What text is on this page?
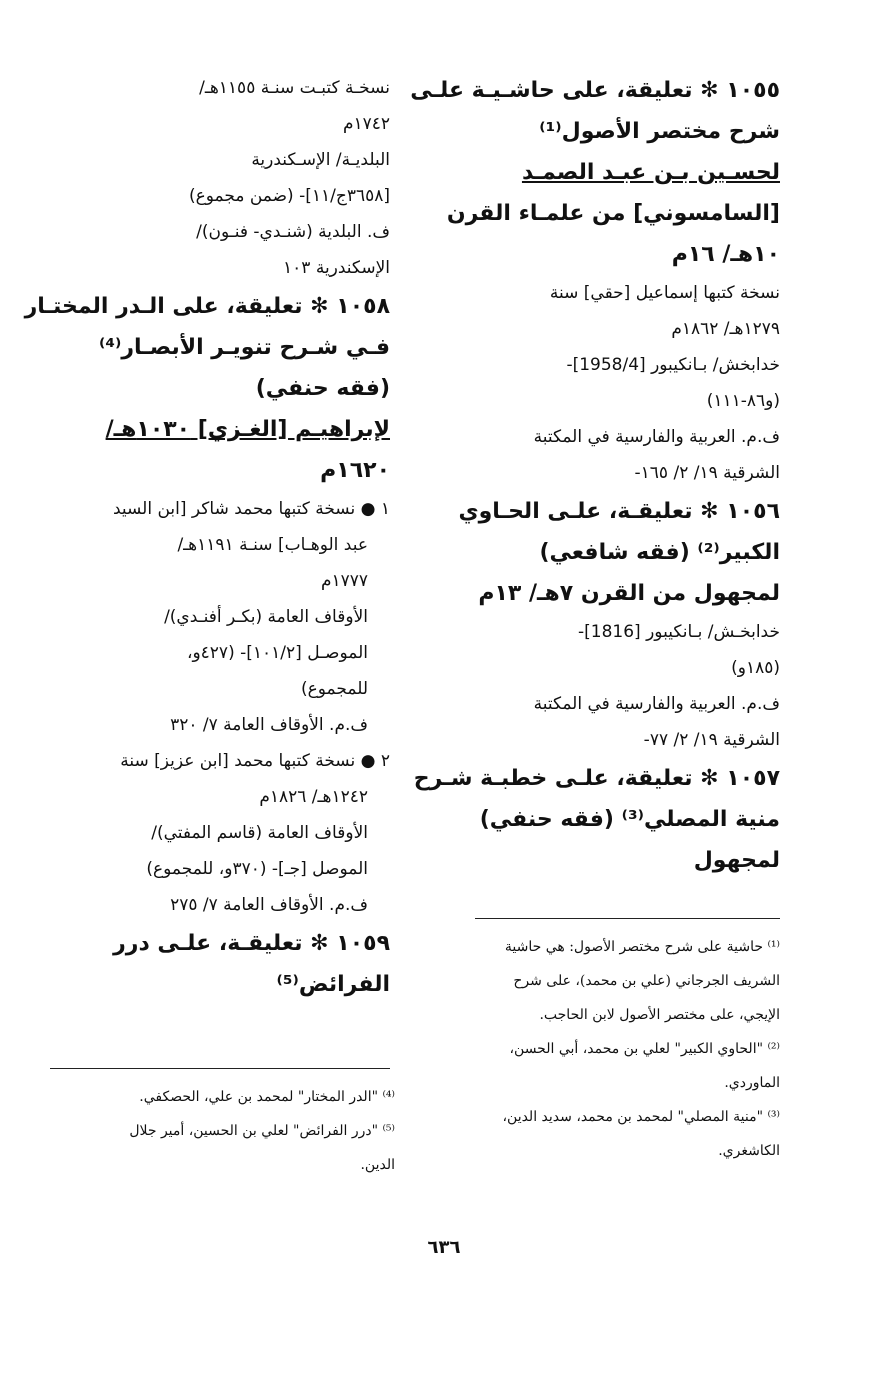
١٠٥٥ ✻ تعليقة، على حاشـيـة علـى
شرح مختصر الأصول⁽¹⁾
لحسـين بـن عبـد الصمـد
[السامسوني] من علمـاء القرن
١٠هـ/ ١٦م
نسخة كتبها إسماعيل [حقي] سنة
١٢٧٩هـ/ ١٨٦٢م
خدابخش/ بـانكيبور [1958/4]-
(و٨٦-١١١)
ف.م. العربية والفارسية في المكتبة
الشرقية ١٩/ ٢/ ١٦٥-
١٠٥٦ ✻ تعليقـة، علـى الحـاوي
الكبير⁽²⁾ (فقه شافعي)
لمجهول من القرن ٧هـ/ ١٣م
خدابخـش/ بـانكيبور [1816]-
(١٨٥و)
ف.م. العربية والفارسية في المكتبة
الشرقية ١٩/ ٢/ ٧٧-
١٠٥٧ ✻ تعليقة، علـى خطبـة شـرح
منية المصلي⁽³⁾ (فقه حنفي)
لمجهول
نسخـة كتبـت سنـة ١١٥٥هـ/
١٧٤٢م
البلديـة/ الإسـكندرية
[٣٦٥٨ج/١١]- (ضمن مجموع)
ف. البلدية (شنـدي- فنـون)/
الإسكندرية ١٠٣
١٠٥٨ ✻ تعليقة، على الـدر المختـار
فـي شـرح تنويـر الأبصـار⁽⁴⁾
(فقه حنفي)
لإبراهيـم [الغـزي] ١٠٣٠هـ/
١٦٢٠م
١ ● نسخة كتبها محمد شاكر [ابن السيد
عبد الوهـاب] سنـة ١١٩١هـ/
١٧٧٧م
الأوقاف العامة (بكـر أفنـدي)/
الموصـل [١٠١/٢]- (٤٢٧و،
للمجموع)
ف.م. الأوقاف العامة ٧/ ٣٢٠
٢ ● نسخة كتبها محمد [ابن عزيز] سنة
١٢٤٢هـ/ ١٨٢٦م
الأوقاف العامة (قاسم المفتي)/
الموصل [جـ]- (٣٧٠و، للمجموع)
ف.م. الأوقاف العامة ٧/ ٢٧٥
١٠٥٩ ✻ تعليقـة، علـى درر
الفرائض⁽⁵⁾
⁽¹⁾ حاشية على شرح مختصر الأصول: هي حاشية
الشريف الجرجاني (علي بن محمد)، على شرح
الإيجي، على مختصر الأصول لابن الحاجب.
⁽²⁾ "الحاوي الكبير" لعلي بن محمد، أبي الحسن،
الماوردي.
⁽³⁾ "منية المصلي" لمحمد بن محمد، سديد الدين،
الكاشغري.
⁽⁴⁾ "الدر المختار" لمحمد بن علي، الحصكفي.
⁽⁵⁾ "درر الفرائض" لعلي بن الحسين، أمير جلال
الدين.
٦٣٦
